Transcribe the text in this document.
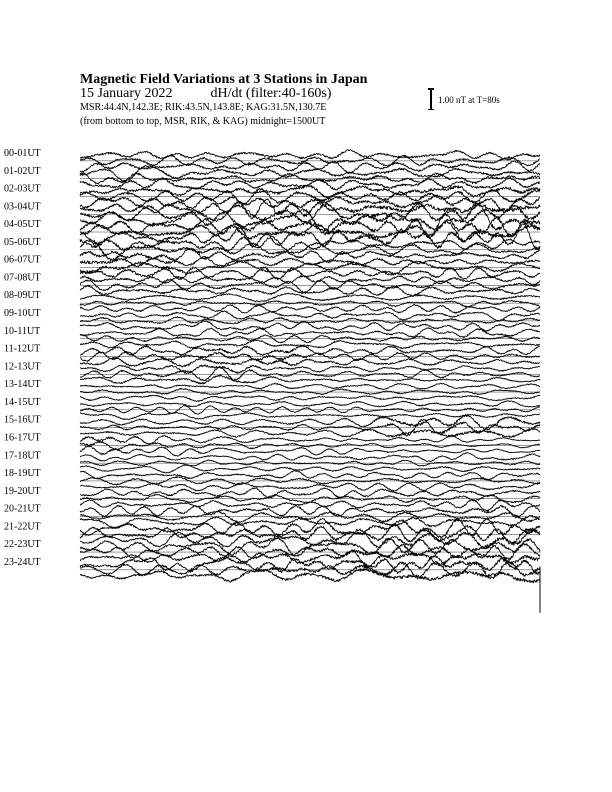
Magnetic Field Variations at 3 Stations in Japan
15 January 2022	dH/dt (filter:40-160s)
MSR:44.4N,142.3E; RIK:43.5N,143.8E; KAG:31.5N,130.7E
(from bottom to top, MSR, RIK, & KAG) midnight=1500UT
1.00 nT at T=80s
00-01UT
01-02UT
02-03UT
03-04UT
04-05UT
05-06UT
06-07UT
07-08UT
08-09UT
09-10UT
10-11UT
11-12UT
12-13UT
13-14UT
14-15UT
15-16UT
16-17UT
17-18UT
18-19UT
19-20UT
20-21UT
21-22UT
22-23UT
23-24UT
